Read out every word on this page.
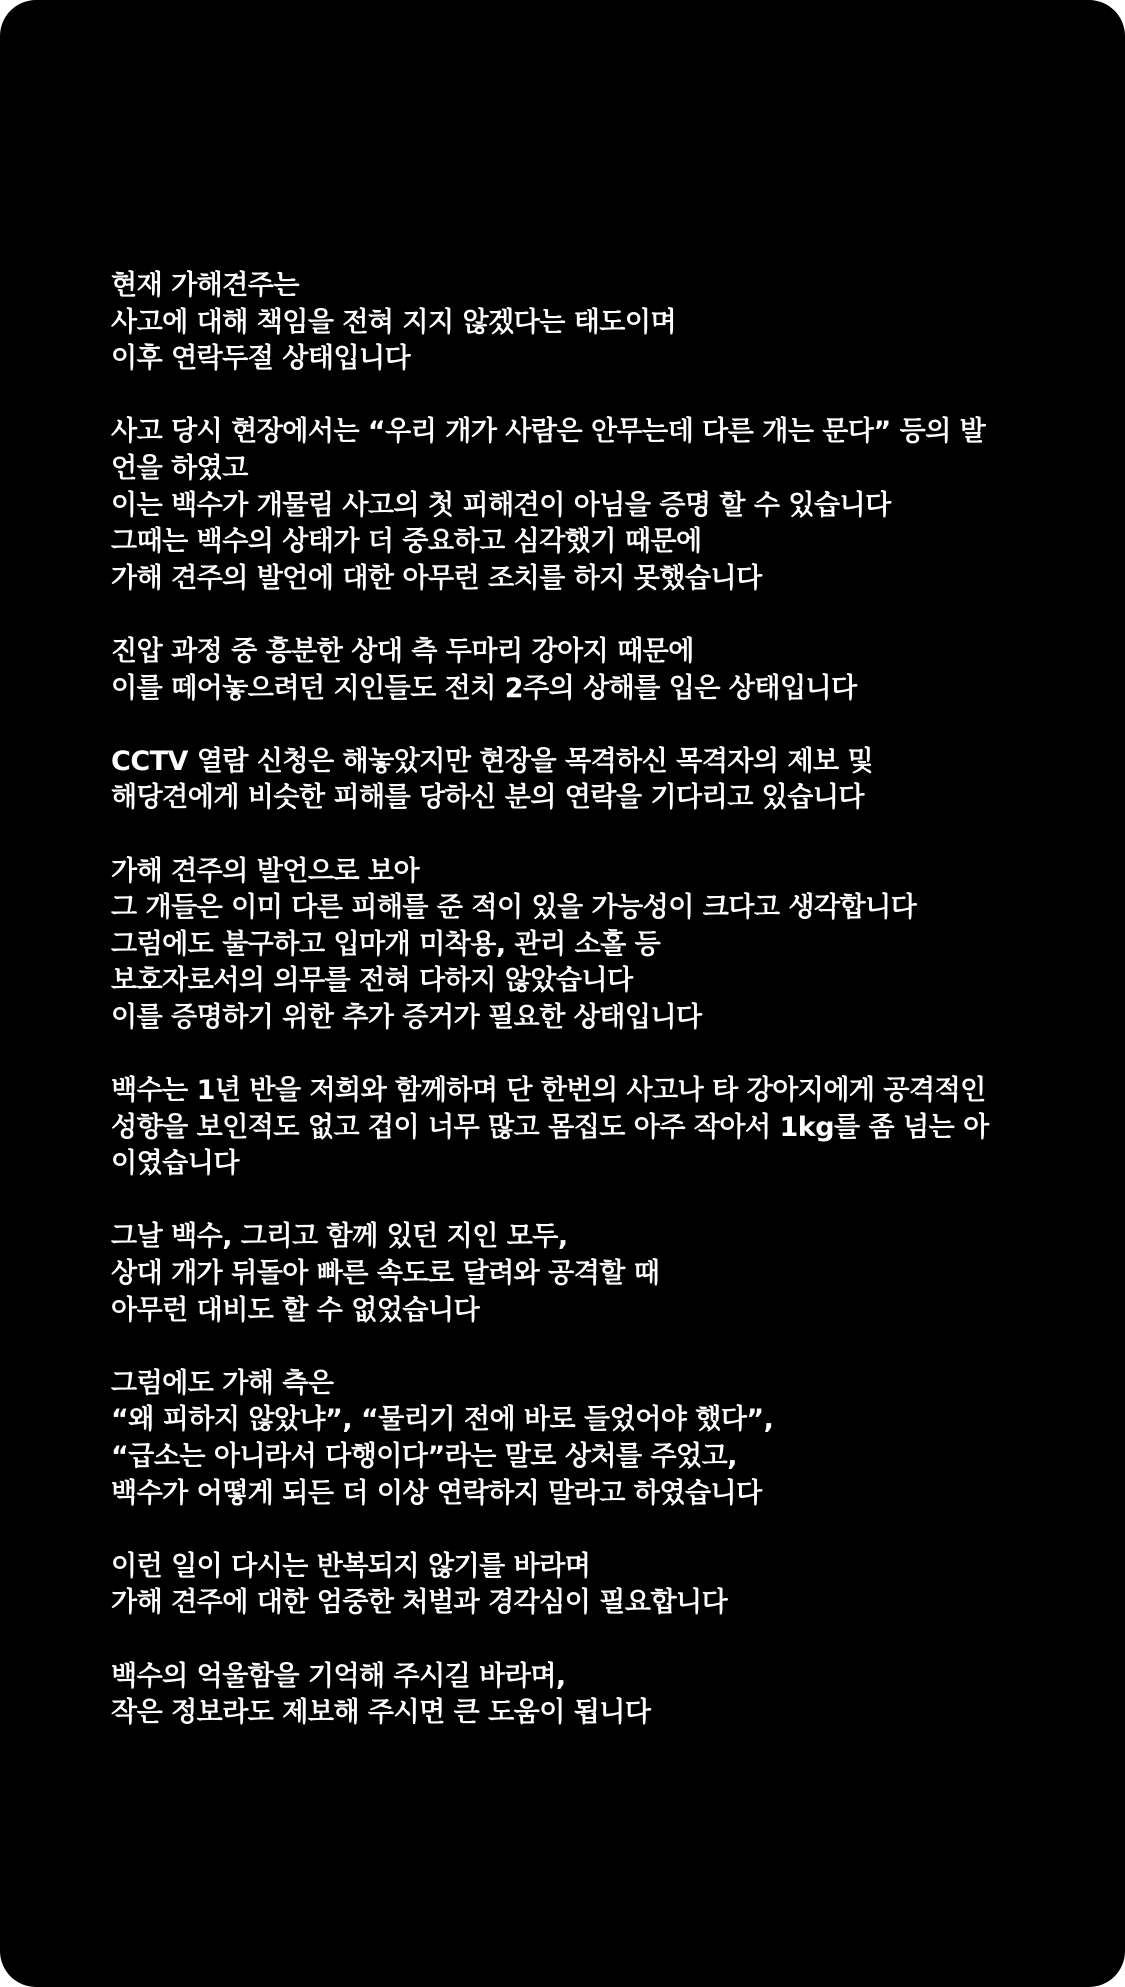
현재 가해견주는
사고에 대해 책임을 전혀 지지 않겠다는 태도이며
이후 연락두절 상태입니다
사고 당시 현장에서는 “우리 개가 사람은 안무는데 다른 개는 문다” 등의 발
언을 하였고
이는 백수가 개물림 사고의 첫 피해견이 아님을 증명 할 수 있습니다
그때는 백수의 상태가 더 중요하고 심각했기 때문에
가해 견주의 발언에 대한 아무런 조치를 하지 못했습니다
진압 과정 중 흥분한 상대 측 두마리 강아지 때문에
이를 떼어놓으려던 지인들도 전치 2주의 상해를 입은 상태입니다
CCTV 열람 신청은 해놓았지만 현장을 목격하신 목격자의 제보 및
해당견에게 비슷한 피해를 당하신 분의 연락을 기다리고 있습니다
가해 견주의 발언으로 보아
그 개들은 이미 다른 피해를 준 적이 있을 가능성이 크다고 생각합니다
그럼에도 불구하고 입마개 미착용, 관리 소홀 등
보호자로서의 의무를 전혀 다하지 않았습니다
이를 증명하기 위한 추가 증거가 필요한 상태입니다
백수는 1년 반을 저희와 함께하며 단 한번의 사고나 타 강아지에게 공격적인
성향을 보인적도 없고 겁이 너무 많고 몸집도 아주 작아서 1kg를 좀 넘는 아
이였습니다
그날 백수, 그리고 함께 있던 지인 모두,
상대 개가 뒤돌아 빠른 속도로 달려와 공격할 때
아무런 대비도 할 수 없었습니다
그럼에도 가해 측은
“왜 피하지 않았냐”, “물리기 전에 바로 들었어야 했다”,
“급소는 아니라서 다행이다”라는 말로 상처를 주었고,
백수가 어떻게 되든 더 이상 연락하지 말라고 하였습니다
이런 일이 다시는 반복되지 않기를 바라며
가해 견주에 대한 엄중한 처벌과 경각심이 필요합니다
백수의 억울함을 기억해 주시길 바라며,
작은 정보라도 제보해 주시면 큰 도움이 됩니다
